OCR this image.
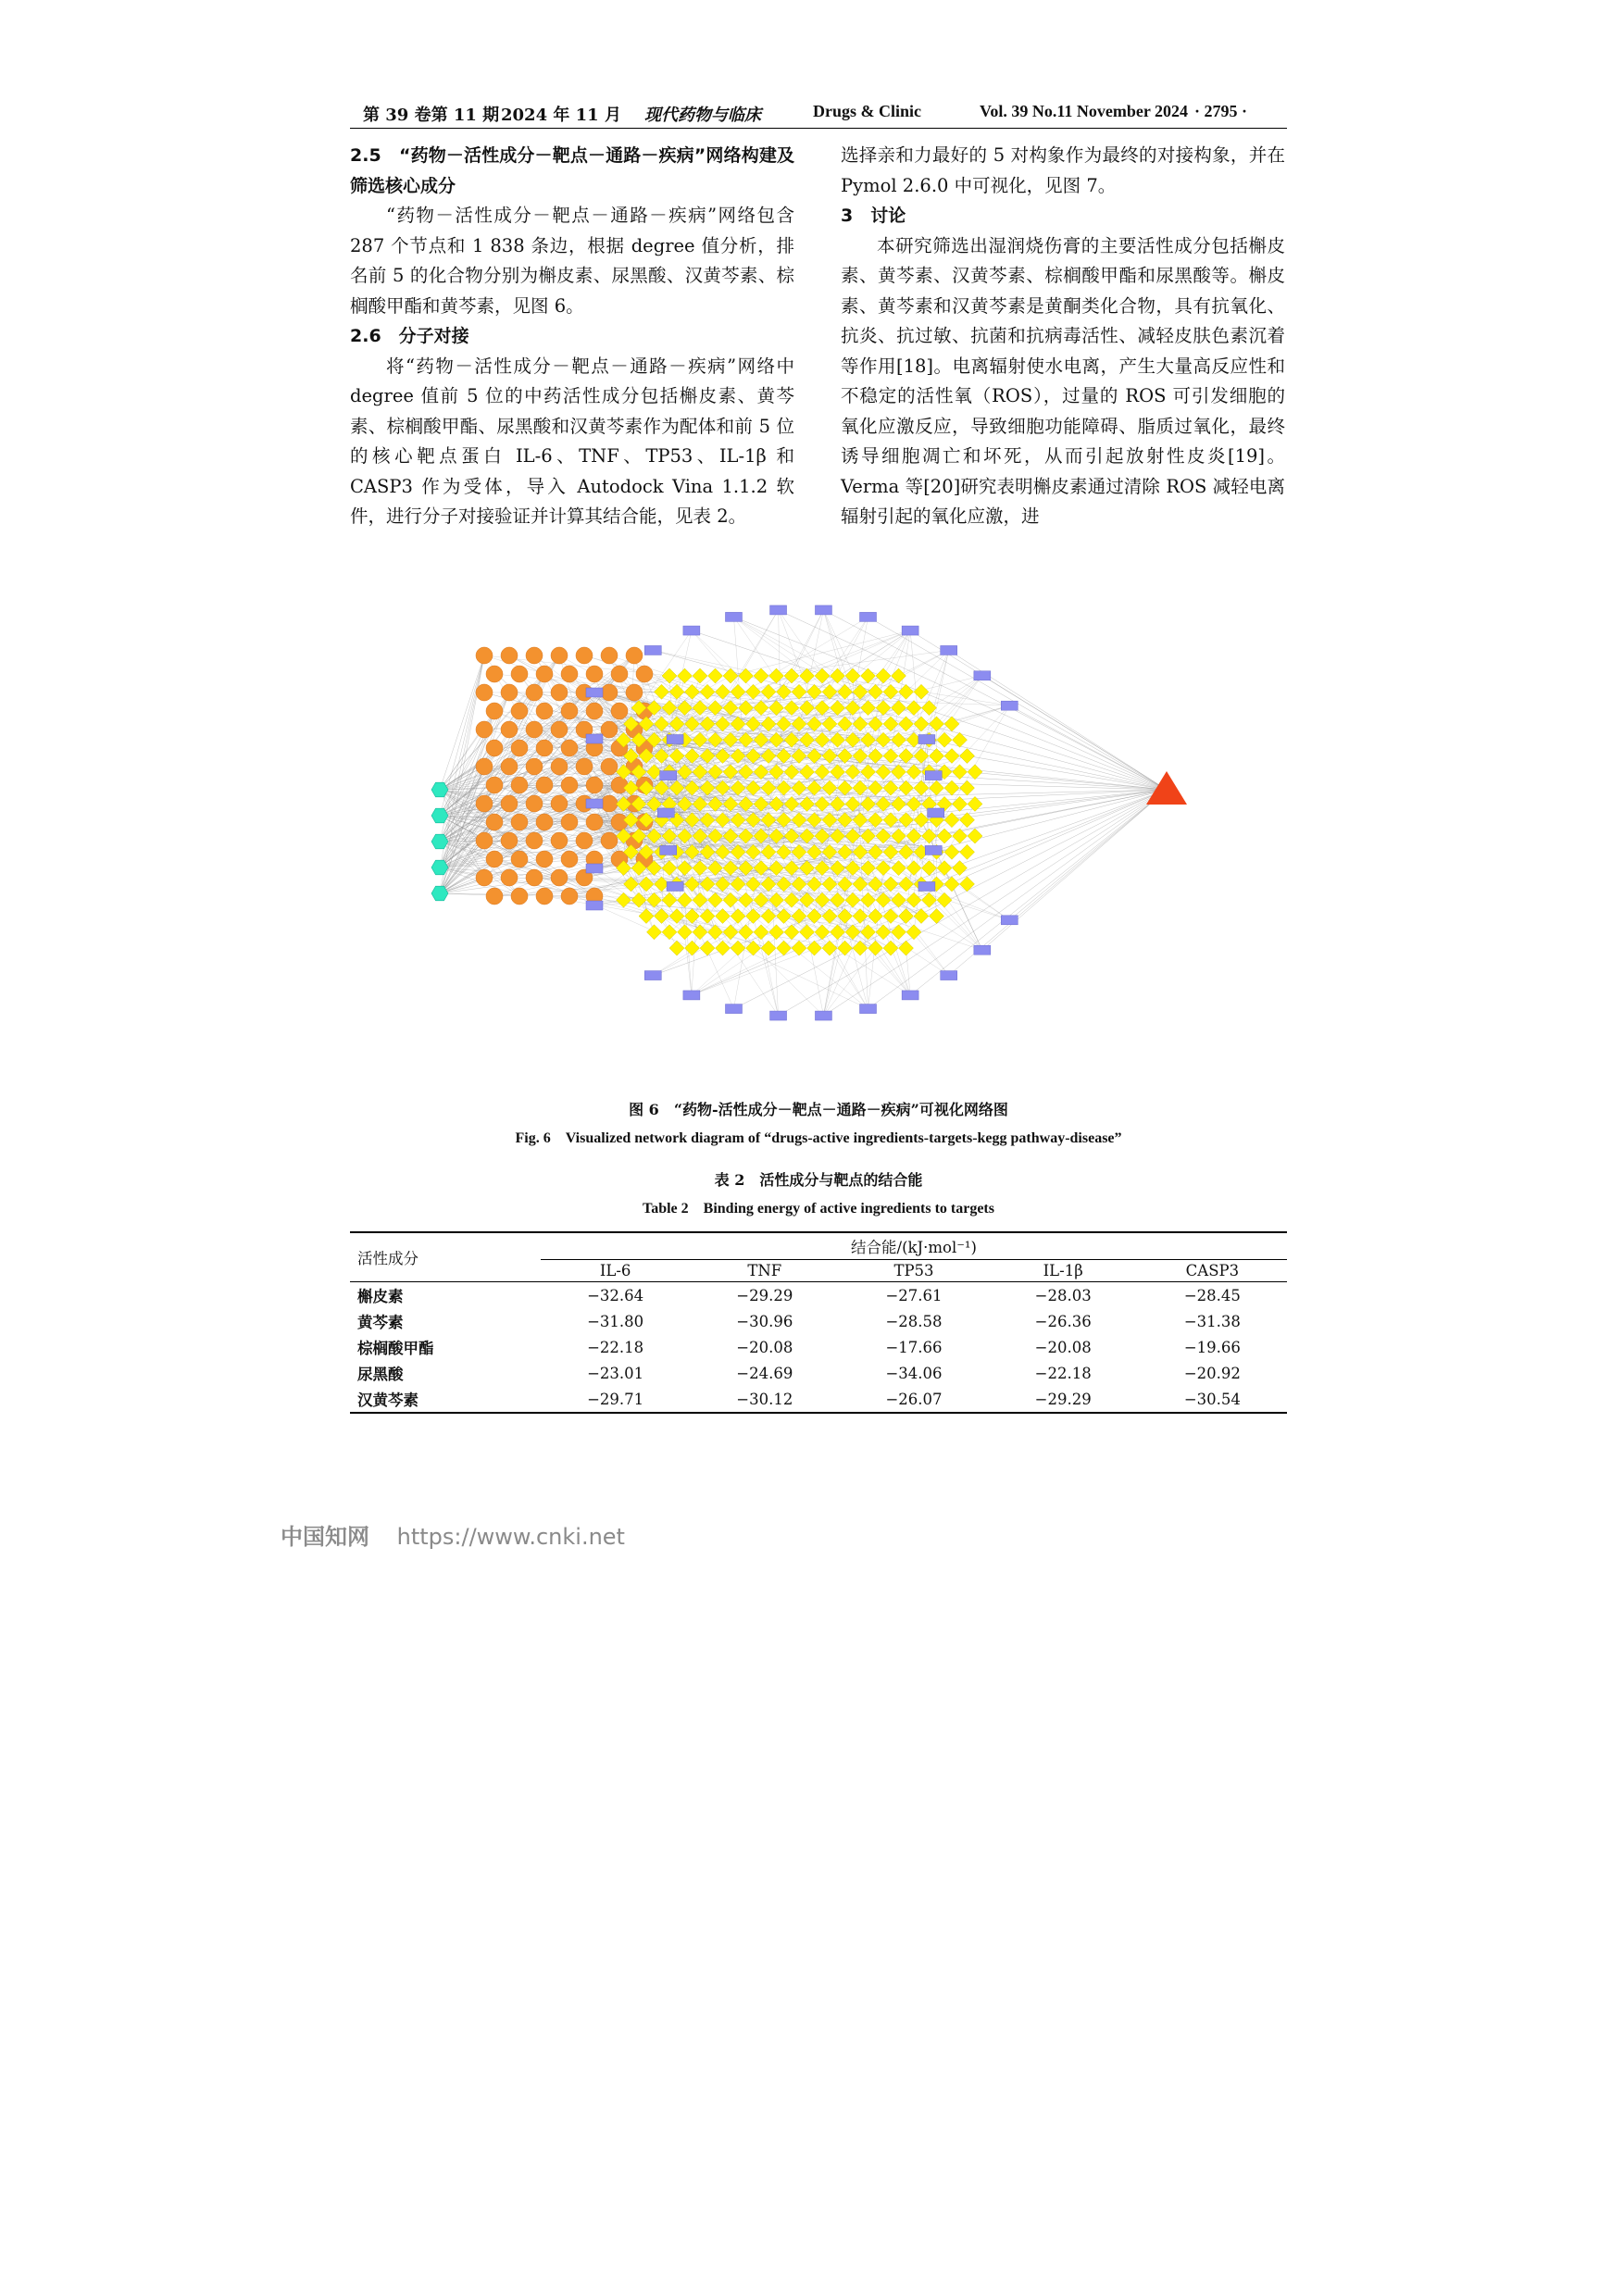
第 39 卷第 11 期 2024 年 11 月 现代药物与临床	Drugs & Clinic	Vol. 39 No.11 November 2024 · 2795 ·

2.5　“药物－活性成分－靶点－通路－疾病”网络构建及筛选核心成分

“药物－活性成分－靶点－通路－疾病”网络包含 287 个节点和 1 838 条边，根据 degree 值分析，排名前 5 的化合物分别为槲皮素、尿黑酸、汉黄芩素、棕榈酸甲酯和黄芩素，见图 6。

2.6　分子对接

将“药物－活性成分－靶点－通路－疾病”网络中 degree 值前 5 位的中药活性成分包括槲皮素、黄芩素、棕榈酸甲酯、尿黑酸和汉黄芩素作为配体和前 5 位的核心靶点蛋白 IL-6、TNF、TP53、IL-1β 和 CASP3 作为受体，导入 Autodock Vina 1.1.2 软件，进行分子对接验证并计算其结合能，见表 2。

选择亲和力最好的 5 对构象作为最终的对接构象，并在 Pymol 2.6.0 中可视化，见图 7。

3　讨论

本研究筛选出湿润烧伤膏的主要活性成分包括槲皮素、黄芩素、汉黄芩素、棕榈酸甲酯和尿黑酸等。槲皮素、黄芩素和汉黄芩素是黄酮类化合物，具有抗氧化、抗炎、抗过敏、抗菌和抗病毒活性、减轻皮肤色素沉着等作用[18]。电离辐射使水电离，产生大量高反应性和不稳定的活性氧（ROS），过量的 ROS 可引发细胞的氧化应激反应，导致细胞功能障碍、脂质过氧化，最终诱导细胞凋亡和坏死，从而引起放射性皮炎[19]。Verma 等[20]研究表明槲皮素通过清除 ROS 减轻电离辐射引起的氧化应激，进

图 6　“药物-活性成分－靶点－通路－疾病”可视化网络图
Fig. 6　Visualized network diagram of “drugs-active ingredients-targets-kegg pathway-disease”
表 2　活性成分与靶点的结合能
Table 2　Binding energy of active ingredients to targets
活性成分	结合能/(kJ·mol⁻¹)				
	IL-6	TNF	TP53	IL-1β	CASP3
槲皮素	−32.64	−29.29	−27.61	−28.03	−28.45
黄芩素	−31.80	−30.96	−28.58	−26.36	−31.38
棕榈酸甲酯	−22.18	−20.08	−17.66	−20.08	−19.66
尿黑酸	−23.01	−24.69	−34.06	−22.18	−20.92
汉黄芩素	−29.71	−30.12	−26.07	−29.29	−30.54
中国知网 https://www.cnki.net
